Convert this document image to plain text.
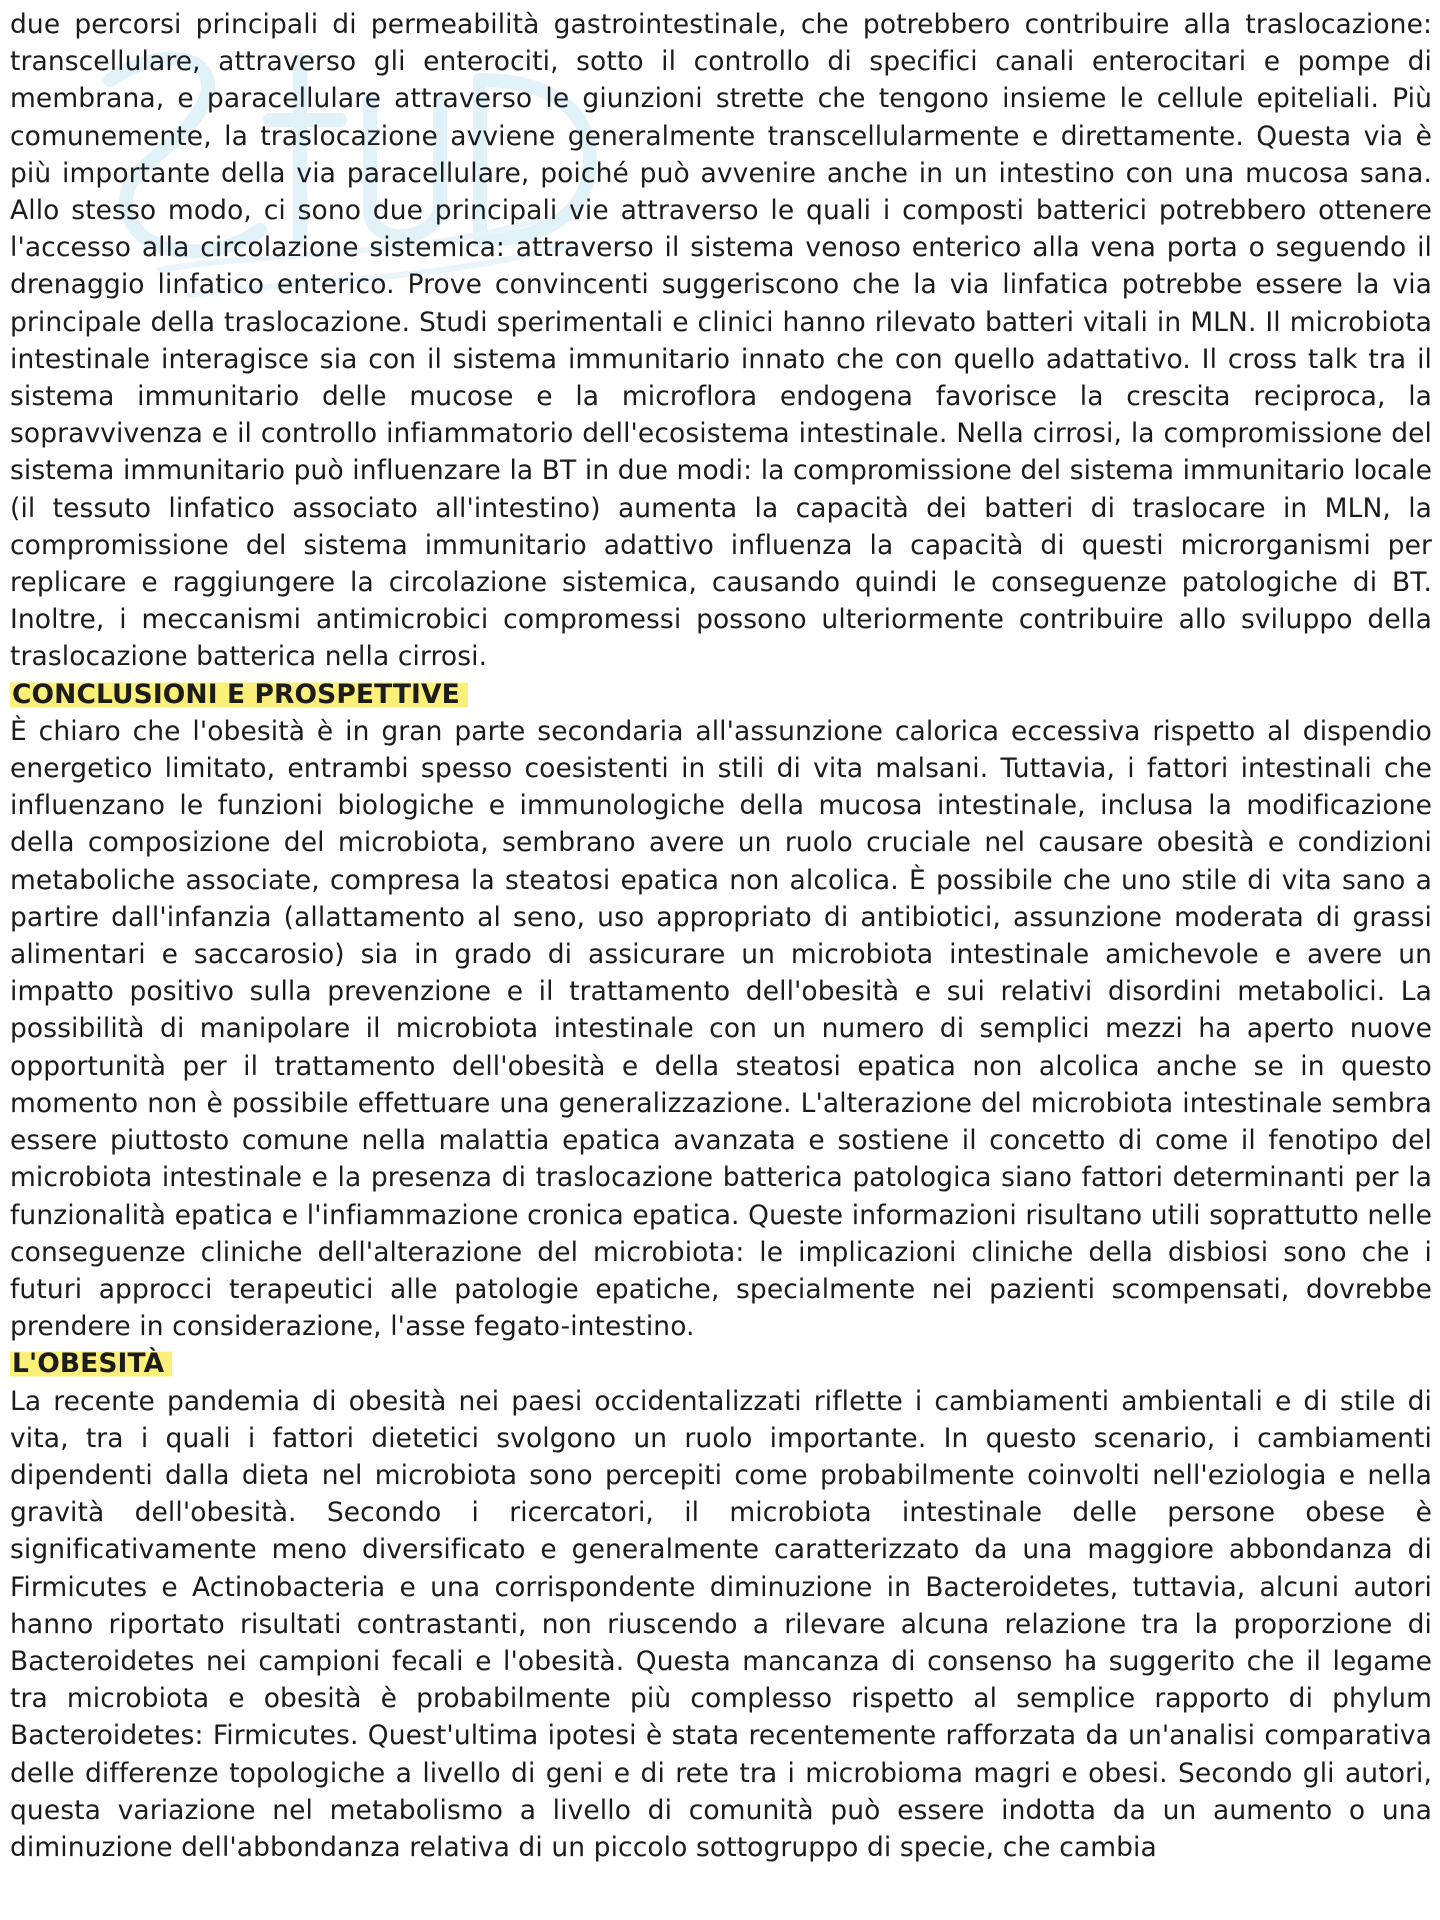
due percorsi principali di permeabilità gastrointestinale, che potrebbero contribuire alla traslocazione: transcellulare, attraverso gli enterociti, sotto il controllo di specifici canali enterocitari e pompe di membrana, e paracellulare attraverso le giunzioni strette che tengono insieme le cellule epiteliali. Più comunemente, la traslocazione avviene generalmente transcellularmente e direttamente. Questa via è più importante della via paracellulare, poiché può avvenire anche in un intestino con una mucosa sana. Allo stesso modo, ci sono due principali vie attraverso le quali i composti batterici potrebbero ottenere l'accesso alla circolazione sistemica: attraverso il sistema venoso enterico alla vena porta o seguendo il drenaggio linfatico enterico. Prove convincenti suggeriscono che la via linfatica potrebbe essere la via principale della traslocazione. Studi sperimentali e clinici hanno rilevato batteri vitali in MLN. Il microbiota intestinale interagisce sia con il sistema immunitario innato che con quello adattativo. Il cross talk tra il sistema immunitario delle mucose e la microflora endogena favorisce la crescita reciproca, la sopravvivenza e il controllo infiammatorio dell'ecosistema intestinale. Nella cirrosi, la compromissione del sistema immunitario può influenzare la BT in due modi: la compromissione del sistema immunitario locale (il tessuto linfatico associato all'intestino) aumenta la capacità dei batteri di traslocare in MLN, la compromissione del sistema immunitario adattivo influenza la capacità di questi microrganismi per replicare e raggiungere la circolazione sistemica, causando quindi le conseguenze patologiche di BT. Inoltre, i meccanismi antimicrobici compromessi possono ulteriormente contribuire allo sviluppo della traslocazione batterica nella cirrosi.

CONCLUSIONI E PROSPETTIVE

È chiaro che l'obesità è in gran parte secondaria all'assunzione calorica eccessiva rispetto al dispendio energetico limitato, entrambi spesso coesistenti in stili di vita malsani. Tuttavia, i fattori intestinali che influenzano le funzioni biologiche e immunologiche della mucosa intestinale, inclusa la modificazione della composizione del microbiota, sembrano avere un ruolo cruciale nel causare obesità e condizioni metaboliche associate, compresa la steatosi epatica non alcolica. È possibile che uno stile di vita sano a partire dall'infanzia (allattamento al seno, uso appropriato di antibiotici, assunzione moderata di grassi alimentari e saccarosio) sia in grado di assicurare un microbiota intestinale amichevole e avere un impatto positivo sulla prevenzione e il trattamento dell'obesità e sui relativi disordini metabolici. La possibilità di manipolare il microbiota intestinale con un numero di semplici mezzi ha aperto nuove opportunità per il trattamento dell'obesità e della steatosi epatica non alcolica anche se in questo momento non è possibile effettuare una generalizzazione. L'alterazione del microbiota intestinale sembra essere piuttosto comune nella malattia epatica avanzata e sostiene il concetto di come il fenotipo del microbiota intestinale e la presenza di traslocazione batterica patologica siano fattori determinanti per la funzionalità epatica e l'infiammazione cronica epatica. Queste informazioni risultano utili soprattutto nelle conseguenze cliniche dell'alterazione del microbiota: le implicazioni cliniche della disbiosi sono che i futuri approcci terapeutici alle patologie epatiche, specialmente nei pazienti scompensati, dovrebbe prendere in considerazione, l'asse fegato-intestino.

L'OBESITÀ

La recente pandemia di obesità nei paesi occidentalizzati riflette i cambiamenti ambientali e di stile di vita, tra i quali i fattori dietetici svolgono un ruolo importante. In questo scenario, i cambiamenti dipendenti dalla dieta nel microbiota sono percepiti come probabilmente coinvolti nell'eziologia e nella gravità dell'obesità. Secondo i ricercatori, il microbiota intestinale delle persone obese è significativamente meno diversificato e generalmente caratterizzato da una maggiore abbondanza di Firmicutes e Actinobacteria e una corrispondente diminuzione in Bacteroidetes, tuttavia, alcuni autori hanno riportato risultati contrastanti, non riuscendo a rilevare alcuna relazione tra la proporzione di Bacteroidetes nei campioni fecali e l'obesità. Questa mancanza di consenso ha suggerito che il legame tra microbiota e obesità è probabilmente più complesso rispetto al semplice rapporto di phylum Bacteroidetes: Firmicutes. Quest'ultima ipotesi è stata recentemente rafforzata da un'analisi comparativa delle differenze topologiche a livello di geni e di rete tra i microbioma magri e obesi. Secondo gli autori, questa variazione nel metabolismo a livello di comunità può essere indotta da un aumento o una diminuzione dell'abbondanza relativa di un piccolo sottogruppo di specie, che cambia
